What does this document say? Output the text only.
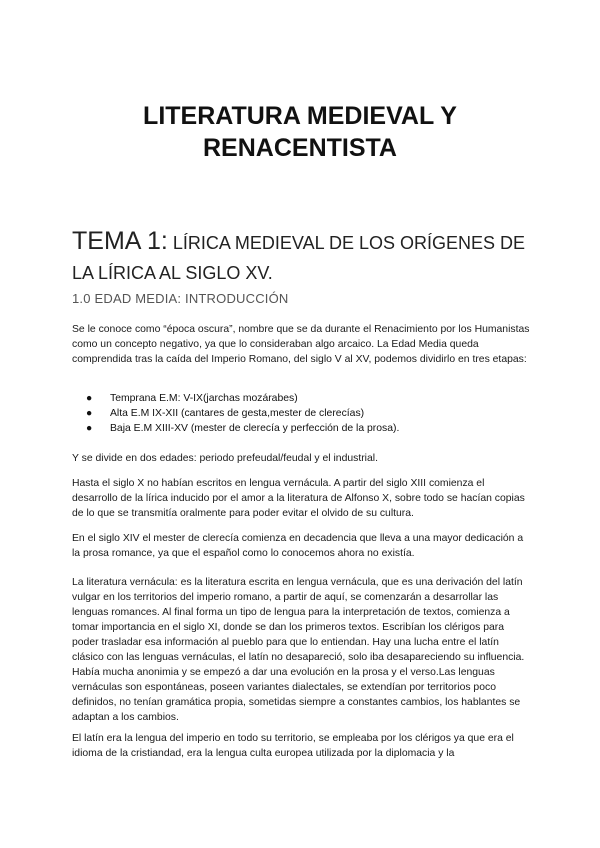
LITERATURA MEDIEVAL Y RENACENTISTA
TEMA 1: LÍRICA MEDIEVAL DE LOS ORÍGENES DE LA LÍRICA AL SIGLO XV.
1.0 EDAD MEDIA: INTRODUCCIÓN

Se le conoce como “época oscura”, nombre que se da durante el Renacimiento por los Humanistas como un concepto negativo, ya que lo consideraban algo arcaico. La Edad Media queda comprendida tras la caída del Imperio Romano, del siglo V al XV, podemos dividirlo en tres etapas:

● Temprana E.M: V-IX(jarchas mozárabes)
● Alta E.M IX-XII (cantares de gesta,mester de clerecías)
● Baja E.M XIII-XV (mester de clerecía y perfección de la prosa).

Y se divide en dos edades: periodo prefeudal/feudal y el industrial.

Hasta el siglo X no habían escritos en lengua vernácula. A partir del siglo XIII comienza el desarrollo de la lírica inducido por el amor a la literatura de Alfonso X, sobre todo se hacían copias de lo que se transmitía oralmente para poder evitar el olvido de su cultura.

En el siglo XIV el mester de clerecía comienza en decadencia que lleva a una mayor dedicación a la prosa romance, ya que el español como lo conocemos ahora no existía.

La literatura vernácula: es la literatura escrita en lengua vernácula, que es una derivación del latín vulgar en los territorios del imperio romano, a partir de aquí, se comenzarán a desarrollar las lenguas romances. Al final forma un tipo de lengua para la interpretación de textos, comienza a tomar importancia en el siglo XI, donde se dan los primeros textos. Escribían los clérigos para poder trasladar esa información al pueblo para que lo entiendan. Hay una lucha entre el latín clásico con las lenguas vernáculas, el latín no desapareció, solo iba desapareciendo su influencia. Había mucha anonimia y se empezó a dar una evolución en la prosa y el verso.Las lenguas vernáculas son espontáneas, poseen variantes dialectales, se extendían por territorios poco definidos, no tenían gramática propia, sometidas siempre a constantes cambios, los hablantes se adaptan a los cambios.

El latín era la lengua del imperio en todo su territorio, se empleaba por los clérigos ya que era el idioma de la cristiandad, era la lengua culta europea utilizada por la diplomacia y la
